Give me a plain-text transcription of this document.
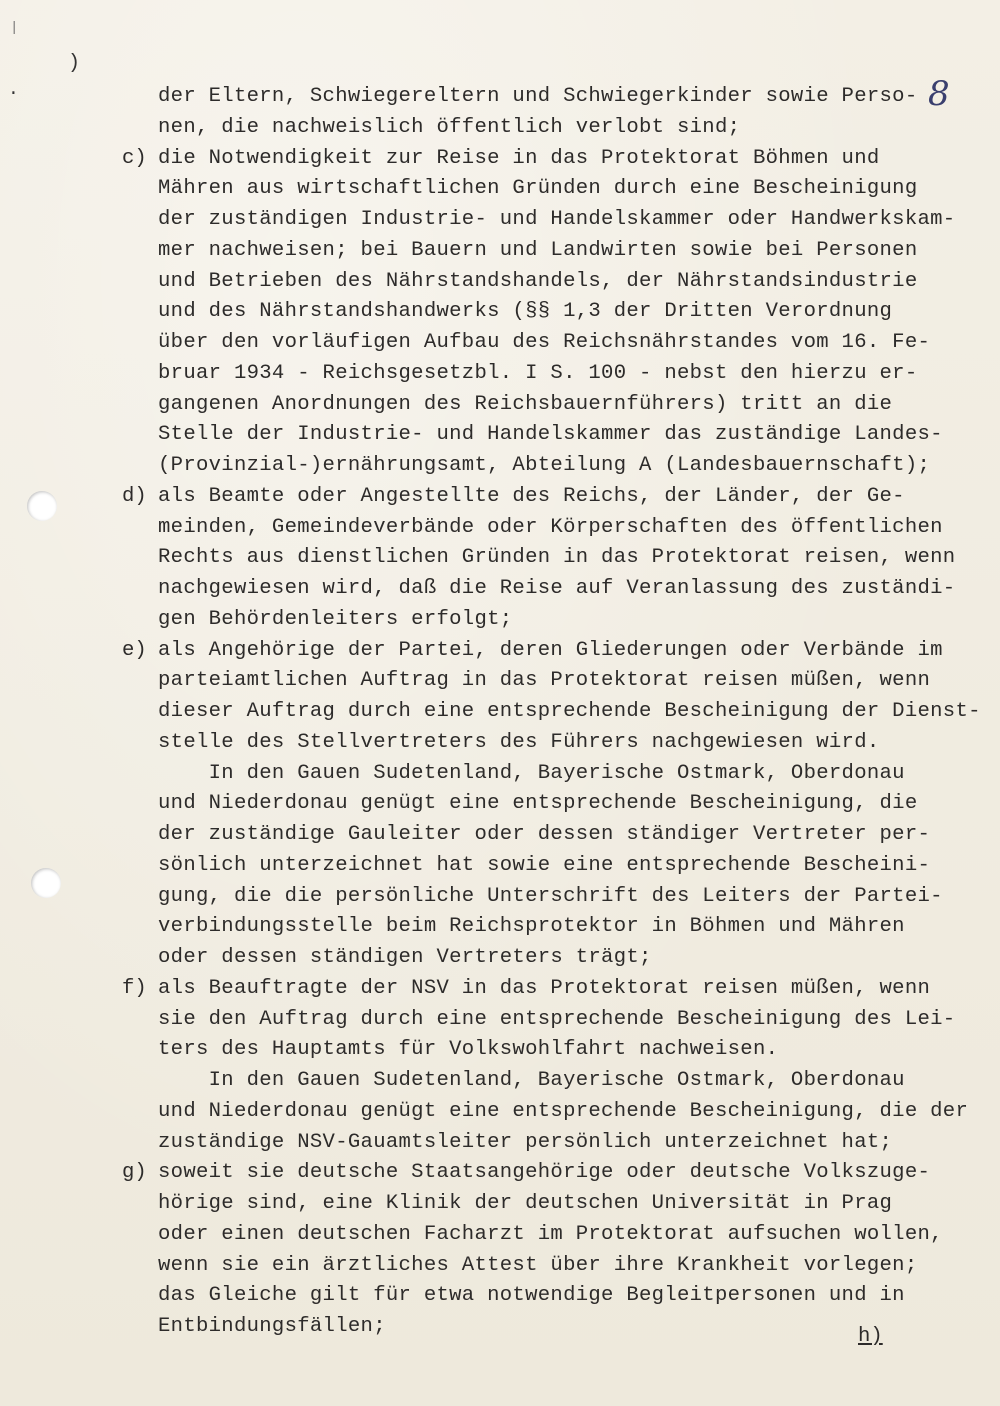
|
)
·	8
der Eltern, Schwiegereltern und Schwiegerkinder sowie Perso-
nen, die nachweislich öffentlich verlobt sind;
c) die Notwendigkeit zur Reise in das Protektorat Böhmen und
Mähren aus wirtschaftlichen Gründen durch eine Bescheinigung
der zuständigen Industrie- und Handelskammer oder Handwerkskam-
mer nachweisen; bei Bauern und Landwirten sowie bei Personen
und Betrieben des Nährstandshandels, der Nährstandsindustrie
und des Nährstandshandwerks (§§ 1,3 der Dritten Verordnung
über den vorläufigen Aufbau des Reichsnährstandes vom 16. Fe-
bruar 1934 - Reichsgesetzbl. I S. 100 - nebst den hierzu er-
gangenen Anordnungen des Reichsbauernführers) tritt an die
Stelle der Industrie- und Handelskammer das zuständige Landes-
(Provinzial-)ernährungsamt, Abteilung A (Landesbauernschaft);
d) als Beamte oder Angestellte des Reichs, der Länder, der Ge-
meinden, Gemeindeverbände oder Körperschaften des öffentlichen
Rechts aus dienstlichen Gründen in das Protektorat reisen, wenn
nachgewiesen wird, daß die Reise auf Veranlassung des zuständi-
gen Behördenleiters erfolgt;
e) als Angehörige der Partei, deren Gliederungen oder Verbände im
parteiamtlichen Auftrag in das Protektorat reisen müßen, wenn
dieser Auftrag durch eine entsprechende Bescheinigung der Dienst-
stelle des Stellvertreters des Führers nachgewiesen wird.
In den Gauen Sudetenland, Bayerische Ostmark, Oberdonau
und Niederdonau genügt eine entsprechende Bescheinigung, die
der zuständige Gauleiter oder dessen ständiger Vertreter per-
sönlich unterzeichnet hat sowie eine entsprechende Bescheini-
gung, die die persönliche Unterschrift des Leiters der Partei-
verbindungsstelle beim Reichsprotektor in Böhmen und Mähren
oder dessen ständigen Vertreters trägt;
f) als Beauftragte der NSV in das Protektorat reisen müßen, wenn
sie den Auftrag durch eine entsprechende Bescheinigung des Lei-
ters des Hauptamts für Volkswohlfahrt nachweisen.
In den Gauen Sudetenland, Bayerische Ostmark, Oberdonau
und Niederdonau genügt eine entsprechende Bescheinigung, die der
zuständige NSV-Gauamtsleiter persönlich unterzeichnet hat;
g) soweit sie deutsche Staatsangehörige oder deutsche Volkszuge-
hörige sind, eine Klinik der deutschen Universität in Prag
oder einen deutschen Facharzt im Protektorat aufsuchen wollen,
wenn sie ein ärztliches Attest über ihre Krankheit vorlegen;
das Gleiche gilt für etwa notwendige Begleitpersonen und in
Entbindungsfällen;	h)
